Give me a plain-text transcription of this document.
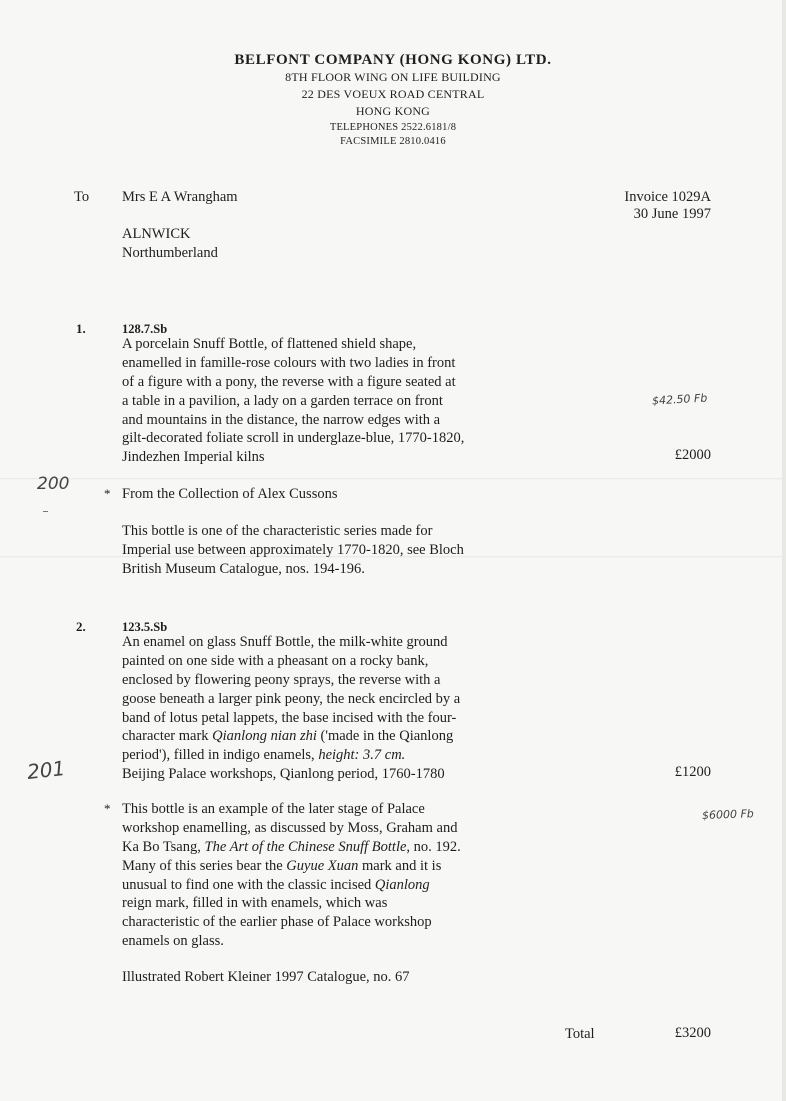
BELFONT COMPANY (HONG KONG) LTD.
8TH FLOOR WING ON LIFE BUILDING
22 DES VOEUX ROAD CENTRAL
HONG KONG
TELEPHONES 2522.6181/8
FACSIMILE 2810.0416
To Mrs E A Wrangham
ALNWICK
Northumberland
Invoice 1029A
30 June 1997
1.	128.7.Sb
A porcelain Snuff Bottle, of flattened shield shape,
enamelled in famille-rose colours with two ladies in front
of a figure with a pony, the reverse with a figure seated at
a table in a pavilion, a lady on a garden terrace on front
and mountains in the distance, the narrow edges with a
gilt-decorated foliate scroll in underglaze-blue, 1770-1820,
Jindezhen Imperial kilns	£2000
$42.50 Fb
200	* From the Collection of Alex Cussons
This bottle is one of the characteristic series made for
Imperial use between approximately 1770-1820, see Bloch
British Museum Catalogue, nos. 194-196.
2.	123.5.Sb
An enamel on glass Snuff Bottle, the milk-white ground
painted on one side with a pheasant on a rocky bank,
enclosed by flowering peony sprays, the reverse with a
goose beneath a larger pink peony, the neck encircled by a
band of lotus petal lappets, the base incised with the four-
character mark Qianlong nian zhi ('made in the Qianlong
period'), filled in indigo enamels, height: 3.7 cm.
Beijing Palace workshops, Qianlong period, 1760-1780	£1200
201
$6000 Fb
* This bottle is an example of the later stage of Palace
workshop enamelling, as discussed by Moss, Graham and
Ka Bo Tsang, The Art of the Chinese Snuff Bottle, no. 192.
Many of this series bear the Guyue Xuan mark and it is
unusual to find one with the classic incised Qianlong
reign mark, filled in with enamels, which was
characteristic of the earlier phase of Palace workshop
enamels on glass.
Illustrated Robert Kleiner 1997 Catalogue, no. 67
Total	£3200
